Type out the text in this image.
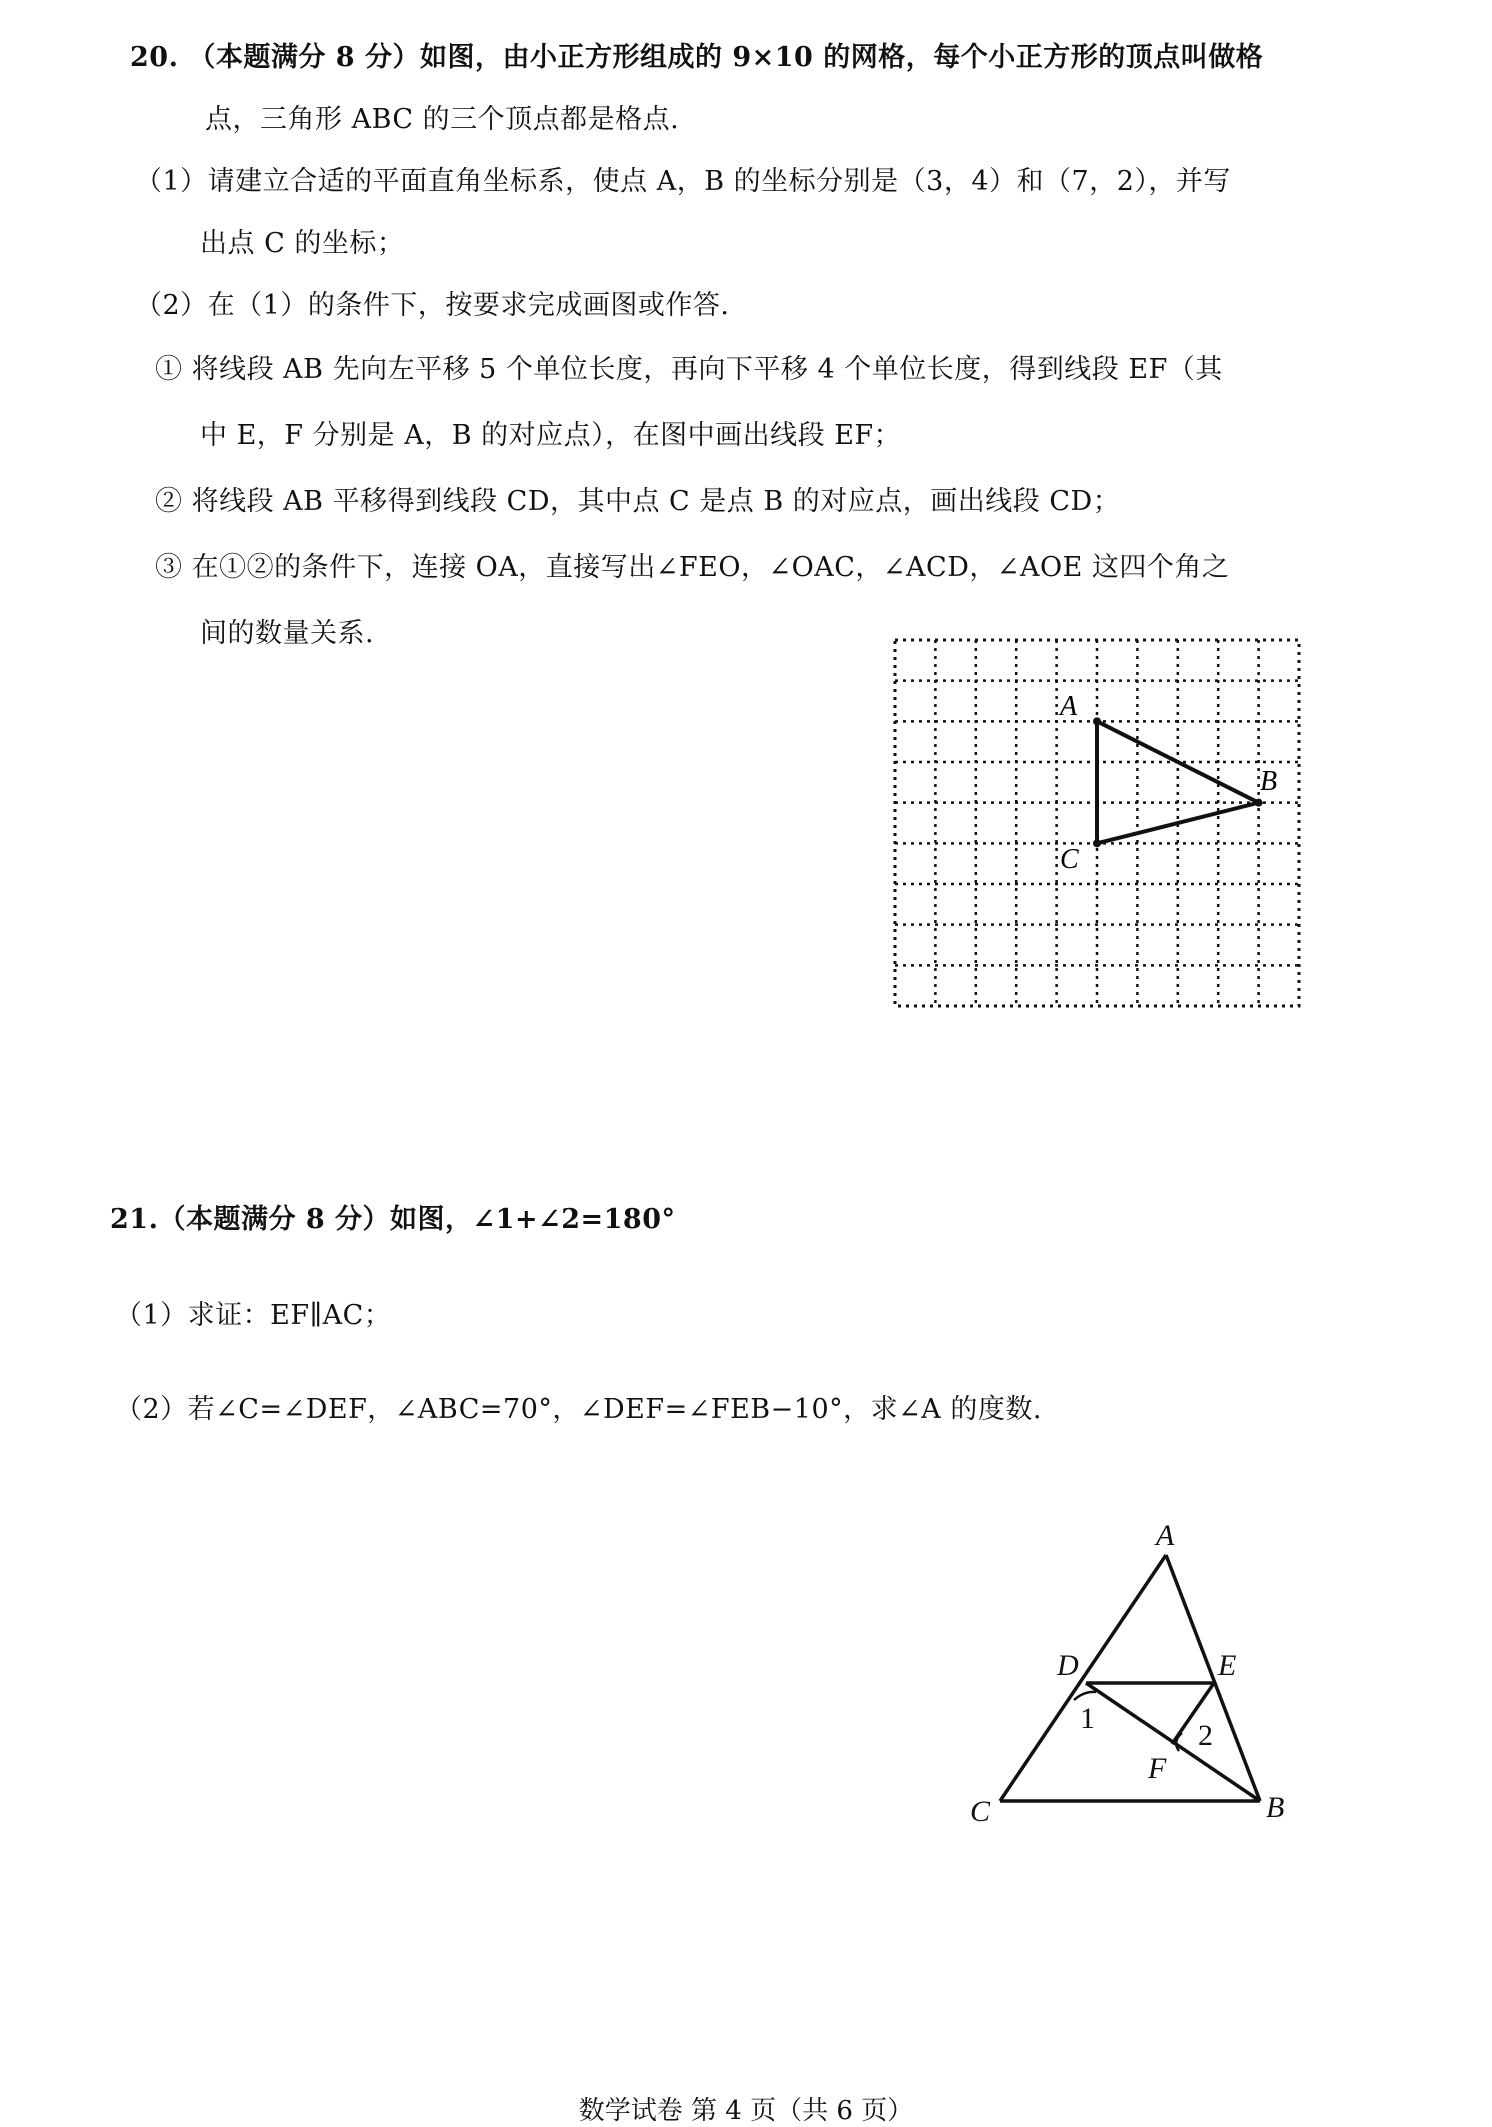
20. （本题满分 8 分）如图，由小正方形组成的 9×10 的网格，每个小正方形的顶点叫做格
点，三角形 ABC 的三个顶点都是格点.
（1）请建立合适的平面直角坐标系，使点 A，B 的坐标分别是（3，4）和（7，2），并写
出点 C 的坐标；
（2）在（1）的条件下，按要求完成画图或作答.
① 将线段 AB 先向左平移 5 个单位长度，再向下平移 4 个单位长度，得到线段 EF（其
中 E，F 分别是 A，B 的对应点），在图中画出线段 EF；
② 将线段 AB 平移得到线段 CD，其中点 C 是点 B 的对应点，画出线段 CD；
③ 在①②的条件下，连接 OA，直接写出∠FEO，∠OAC，∠ACD，∠AOE 这四个角之
间的数量关系.
A
B
C
21.（本题满分 8 分）如图，∠1+∠2=180°
（1）求证：EF∥AC；
（2）若∠C=∠DEF，∠ABC=70°，∠DEF=∠FEB−10°，求∠A 的度数.
A
D	E
1
2
F
C	B
数学试卷 第 4 页（共 6 页）
